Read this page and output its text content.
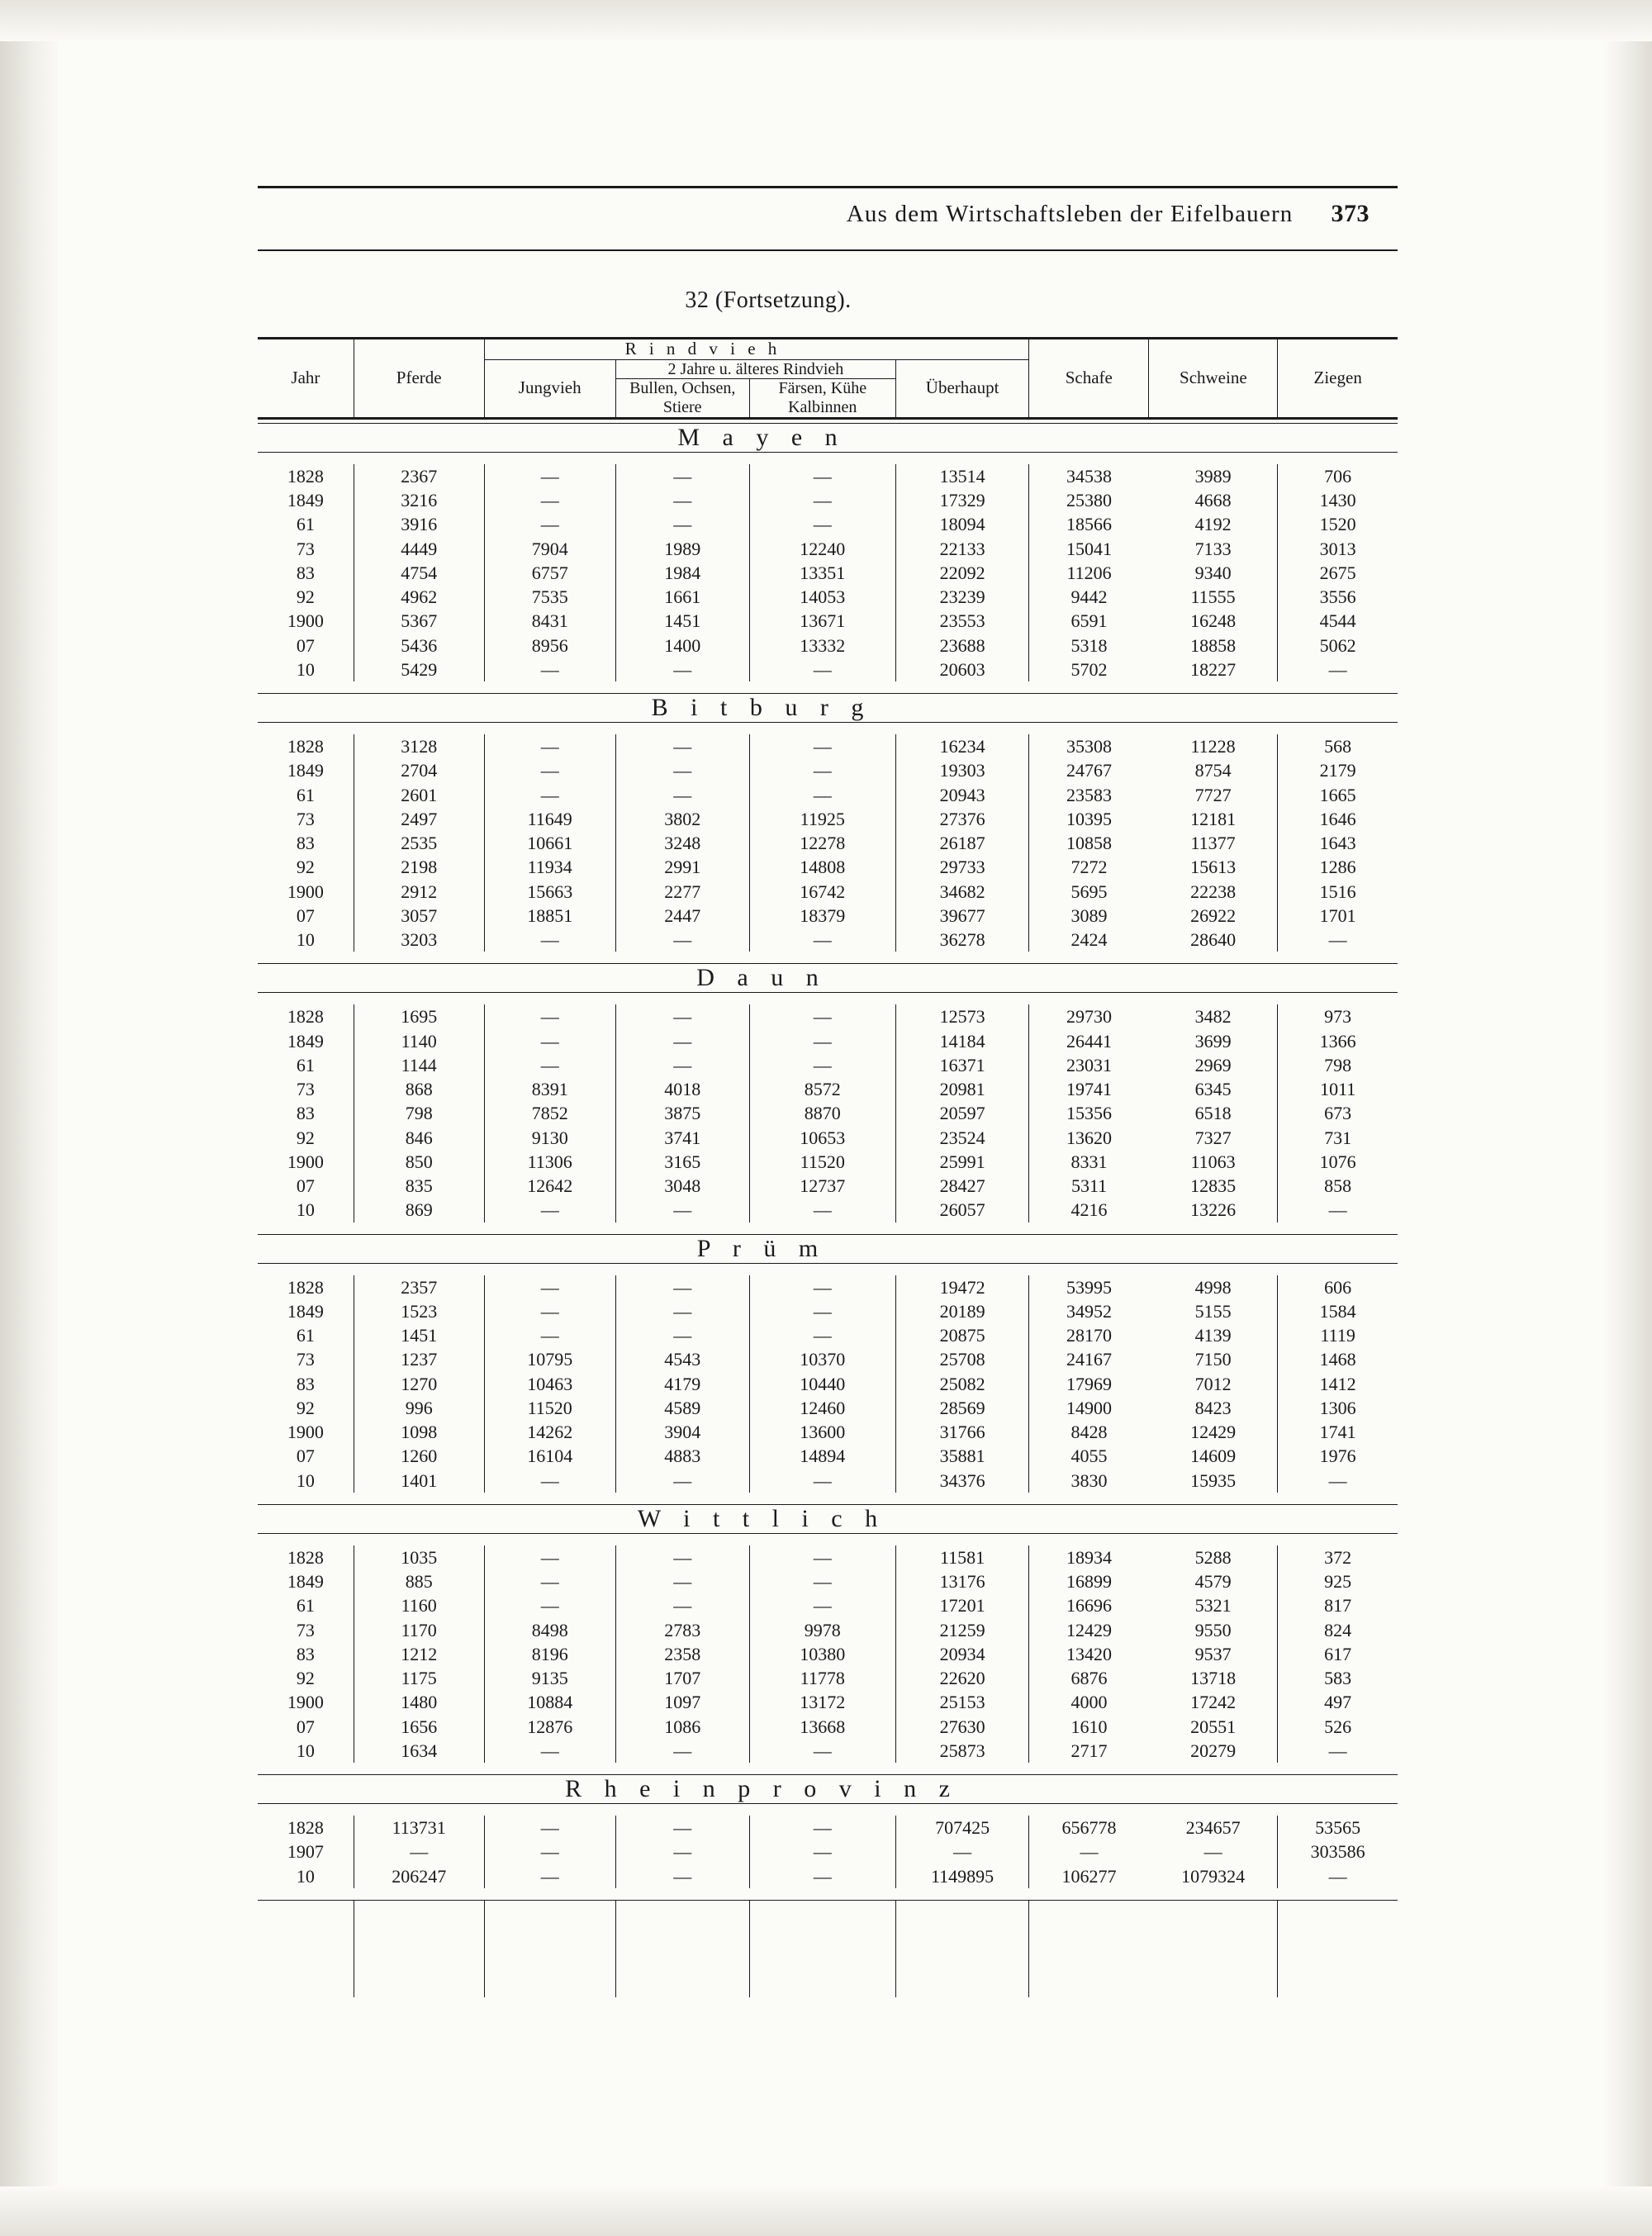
Aus dem Wirtschaftsleben der Eifelbauern 373
32 (Fortsetzung).
Jahr	Pferde	R i n d v i e h				Schafe	Schweine	Ziegen
		Jungvieh	2 Jahre u. älteres Rindvieh		Überhaupt			
			Bullen, Ochsen, Stiere	Färsen, Kühe Kalbinnen				

M a y e n								

1828	2367	—	—	—	13514	34538	3989	706
1849	3216	—	—	—	17329	25380	4668	1430
61	3916	—	—	—	18094	18566	4192	1520
73	4449	7904	1989	12240	22133	15041	7133	3013
83	4754	6757	1984	13351	22092	11206	9340	2675
92	4962	7535	1661	14053	23239	9442	11555	3556
1900	5367	8431	1451	13671	23553	6591	16248	4544
07	5436	8956	1400	13332	23688	5318	18858	5062
10	5429	—	—	—	20603	5702	18227	—

B i t b u r g								

1828	3128	—	—	—	16234	35308	11228	568
1849	2704	—	—	—	19303	24767	8754	2179
61	2601	—	—	—	20943	23583	7727	1665
73	2497	11649	3802	11925	27376	10395	12181	1646
83	2535	10661	3248	12278	26187	10858	11377	1643
92	2198	11934	2991	14808	29733	7272	15613	1286
1900	2912	15663	2277	16742	34682	5695	22238	1516
07	3057	18851	2447	18379	39677	3089	26922	1701
10	3203	—	—	—	36278	2424	28640	—

D a u n								

1828	1695	—	—	—	12573	29730	3482	973
1849	1140	—	—	—	14184	26441	3699	1366
61	1144	—	—	—	16371	23031	2969	798
73	868	8391	4018	8572	20981	19741	6345	1011
83	798	7852	3875	8870	20597	15356	6518	673
92	846	9130	3741	10653	23524	13620	7327	731
1900	850	11306	3165	11520	25991	8331	11063	1076
07	835	12642	3048	12737	28427	5311	12835	858
10	869	—	—	—	26057	4216	13226	—

P r ü m								

1828	2357	—	—	—	19472	53995	4998	606
1849	1523	—	—	—	20189	34952	5155	1584
61	1451	—	—	—	20875	28170	4139	1119
73	1237	10795	4543	10370	25708	24167	7150	1468
83	1270	10463	4179	10440	25082	17969	7012	1412
92	996	11520	4589	12460	28569	14900	8423	1306
1900	1098	14262	3904	13600	31766	8428	12429	1741
07	1260	16104	4883	14894	35881	4055	14609	1976
10	1401	—	—	—	34376	3830	15935	—

W i t t l i c h								

1828	1035	—	—	—	11581	18934	5288	372
1849	885	—	—	—	13176	16899	4579	925
61	1160	—	—	—	17201	16696	5321	817
73	1170	8498	2783	9978	21259	12429	9550	824
83	1212	8196	2358	10380	20934	13420	9537	617
92	1175	9135	1707	11778	22620	6876	13718	583
1900	1480	10884	1097	13172	25153	4000	17242	497
07	1656	12876	1086	13668	27630	1610	20551	526
10	1634	—	—	—	25873	2717	20279	—

R h e i n p r o v i n z								

1828	113731	—	—	—	707425	656778	234657	53565
1907	—	—	—	—	—	—	—	303586
10	206247	—	—	—	1149895	106277	1079324	—
